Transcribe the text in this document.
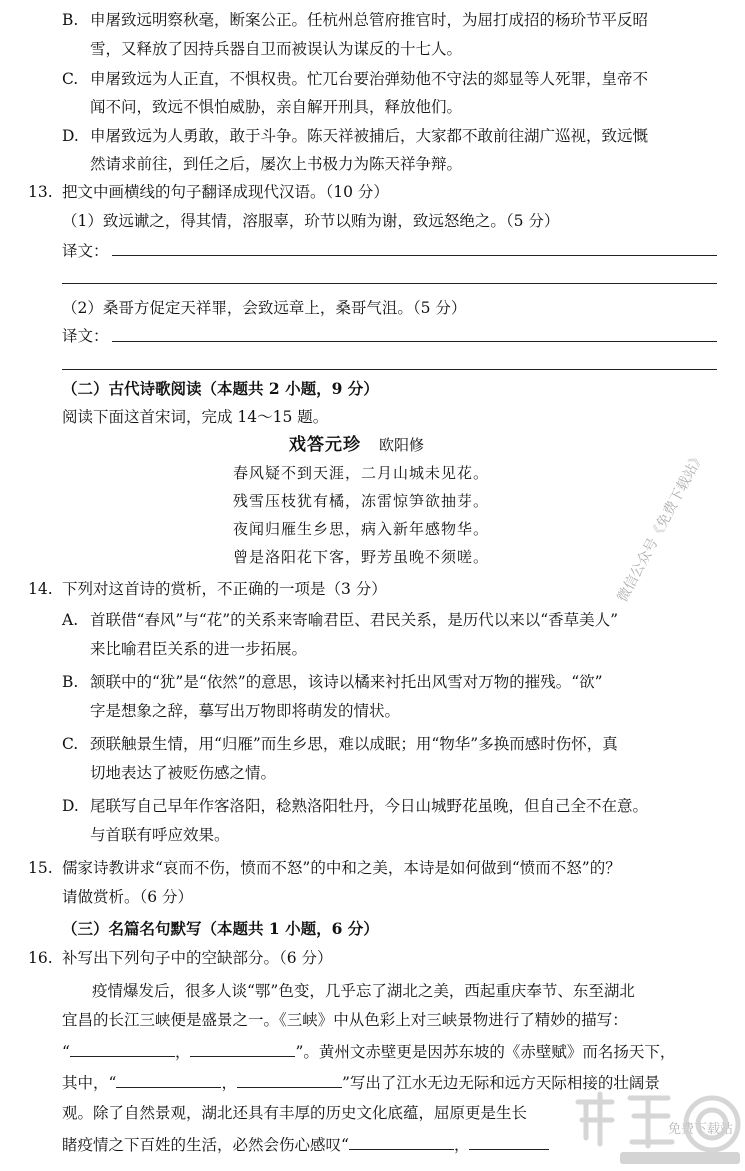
B. 申屠致远明察秋毫，断案公正。任杭州总管府推官时，为屈打成招的杨玠节平反昭
雪，又释放了因持兵器自卫而被误认为谋反的十七人。
C. 申屠致远为人正直，不惧权贵。忙兀台要治弹劾他不守法的郯显等人死罪，皇帝不
闻不问，致远不惧怕威胁，亲自解开刑具，释放他们。
D. 申屠致远为人勇敢，敢于斗争。陈天祥被捕后，大家都不敢前往湖广巡视，致远慨
然请求前往，到任之后，屡次上书极力为陈天祥争辩。
13. 把文中画横线的句子翻译成现代汉语。（10 分）
（1）致远谳之，得其情，溶服辜，玠节以贿为谢，致远怒绝之。（5 分）
译文：
（2）桑哥方促定天祥罪，会致远章上，桑哥气沮。（5 分）
译文：
（二）古代诗歌阅读（本题共 2 小题，9 分）
阅读下面这首宋词，完成 14～15 题。
戏答元珍 欧阳修
春风疑不到天涯，二月山城未见花。
残雪压枝犹有橘，冻雷惊笋欲抽芽。
夜闻归雁生乡思，病入新年感物华。
曾是洛阳花下客，野芳虽晚不须嗟。
14. 下列对这首诗的赏析，不正确的一项是（3 分）
A. 首联借“春风”与“花”的关系来寄喻君臣、君民关系，是历代以来以“香草美人”
来比喻君臣关系的进一步拓展。
B. 颔联中的“犹”是“依然”的意思，该诗以橘来衬托出风雪对万物的摧残。“欲”
字是想象之辞，摹写出万物即将萌发的情状。
C. 颈联触景生情，用“归雁”而生乡思，难以成眠；用“物华”多换而感时伤怀，真
切地表达了被贬伤感之情。
D. 尾联写自己早年作客洛阳，稔熟洛阳牡丹，今日山城野花虽晚，但自己全不在意。
与首联有呼应效果。
15. 儒家诗教讲求“哀而不伤，愤而不怒”的中和之美，本诗是如何做到“愤而不怒”的？
请做赏析。（6 分）
（三）名篇名句默写（本题共 1 小题，6 分）
16. 补写出下列句子中的空缺部分。（6 分）
疫情爆发后，很多人谈“鄂”色变，几乎忘了湖北之美，西起重庆奉节、东至湖北
宜昌的长江三峡便是盛景之一。《三峡》中从色彩上对三峡景物进行了精妙的描写：
“	，	”。黄州文赤壁更是因苏东坡的《赤壁赋》而名扬天下，
其中，“	，	”写出了江水无边无际和远方天际相接的壮阔景
观。除了自然景观，湖北还具有丰厚的历史文化底蕴，屈原更是生长
睹疫情之下百姓的生活，必然会伤心感叹“	，
微信公众号《免费下载站》
免费下载站
